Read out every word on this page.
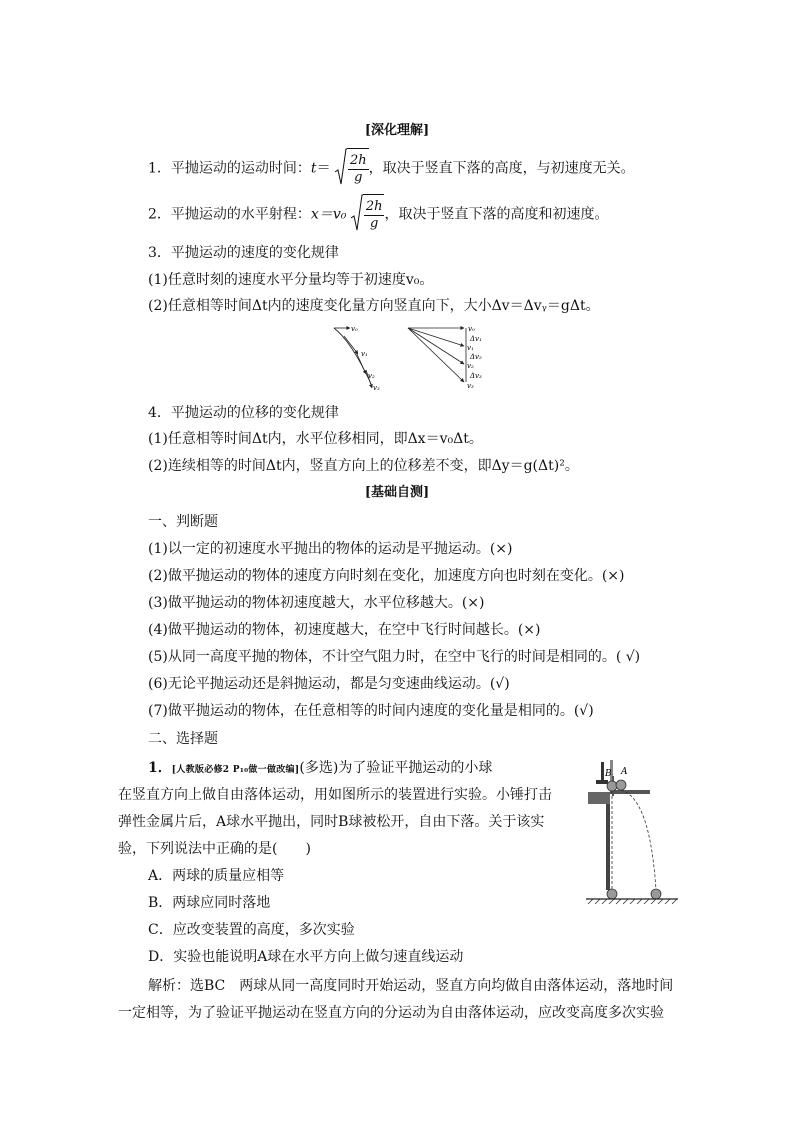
[深化理解]
1．平抛运动的运动时间：$t= \frac{2h}{g}$ ，取决于竖直下落的高度，与初速度无关。
2．平抛运动的水平射程：$x=v_0 \frac{2h}{g}$ ，取决于竖直下落的高度和初速度。
3．平抛运动的速度的变化规律
(1)任意时刻的速度水平分量均等于初速度v₀。
(2)任意相等时间Δt内的速度变化量方向竖直向下，大小Δv＝Δvᵧ＝gΔt。
v₀
v₁
v₂
v₃
v₀
Δv₁
v₁
Δv₂
v₂
Δv₃
v₃
4．平抛运动的位移的变化规律
(1)任意相等时间Δt内，水平位移相同，即Δx＝v₀Δt。
(2)连续相等的时间Δt内，竖直方向上的位移差不变，即Δy＝g(Δt)²。
[基础自测]
一、判断题
(1)以一定的初速度水平抛出的物体的运动是平抛运动。(×)
(2)做平抛运动的物体的速度方向时刻在变化，加速度方向也时刻在变化。(×)
(3)做平抛运动的物体初速度越大，水平位移越大。(×)
(4)做平抛运动的物体，初速度越大，在空中飞行时间越长。(×)
(5)从同一高度平抛的物体，不计空气阻力时，在空中飞行的时间是相同的。( √)
(6)无论平抛运动还是斜抛运动，都是匀变速曲线运动。(√)
(7)做平抛运动的物体，在任意相等的时间内速度的变化量是相同的。(√)
二、选择题
1．[人教版必修2 P₁₀做一做改编](多选)为了验证平抛运动的小球
在竖直方向上做自由落体运动，用如图所示的装置进行实验。小锤打击
弹性金属片后，A球水平抛出，同时B球被松开，自由下落。关于该实
验，下列说法中正确的是(　　)
A．两球的质量应相等
B．两球应同时落地
C．应改变装置的高度，多次实验
D．实验也能说明A球在水平方向上做匀速直线运动
解析：选BC　两球从同一高度同时开始运动，竖直方向均做自由落体运动，落地时间
一定相等，为了验证平抛运动在竖直方向的分运动为自由落体运动，应改变高度多次实验
B A
